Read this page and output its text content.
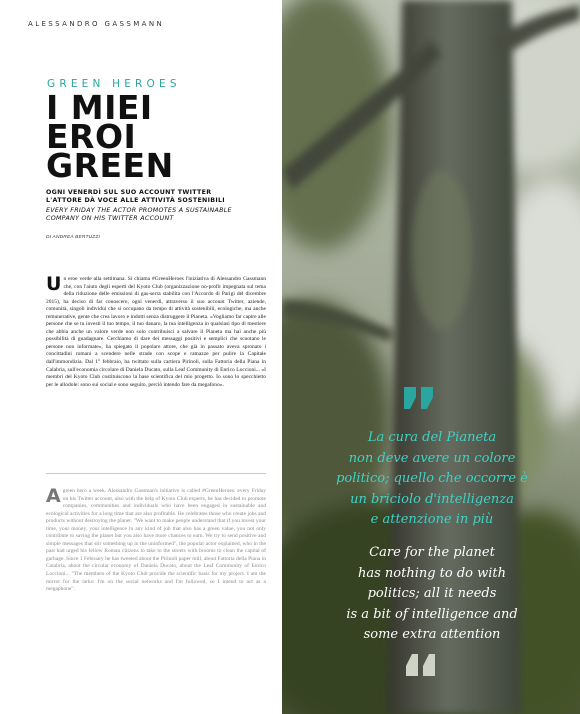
ALESSANDRO GASSMANN
GREEN HEROES
I MIEI
EROI
GREEN
OGNI VENERDÌ SUL SUO ACCOUNT TWITTER
L'ATTORE DÀ VOCE ALLE ATTIVITÀ SOSTENIBILI
EVERY FRIDAY THE ACTOR PROMOTES A SUSTAINABLE
COMPANY ON HIS TWITTER ACCOUNT
DI ANDREA BERTUZZI
Un eroe verde alla settimana. Si chiama #GreenHeroes l'iniziativa di Alessandro Gassmann che, con l'aiuto degli esperti del Kyoto Club (organizzazione no-profit impegnata sul tema della riduzione delle emissioni di gas-serra stabilita con l'Accordo di Parigi del dicembre 2015), ha deciso di far conoscere, ogni venerdì, attraverso il suo account Twitter, aziende, comunità, singoli individui che si occupano da tempo di attività sostenibili, ecologiche, ma anche remunerative, gente che crea lavoro e indotti senza distruggere il Pianeta. «Vogliamo far capire alle persone che se tu investi il tuo tempo, il tuo danaro, la tua intelligenza in qualsiasi tipo di mestiere che abbia anche un valore verde non solo contribuisci a salvare il Pianeta ma hai anche più possibilità di guadagnare. Cerchiamo di dare dei messaggi positivi e semplici che scuotano le persone non informate», ha spiegato il popolare attore, che già in passato aveva spronato i concittadini romani a scendere nelle strade con scope e ramazze per pulire la Capitale dall'immondizia. Dal 1° febbraio, ha twittato sulla cartiera Pirinoli, sulla Fattoria della Piana in Calabria, sull'economia circolare di Daniela Ducato, sulla Leaf Community di Enrico Loccioni... «I membri del Kyoto Club costituiscono la base scientifica del mio progetto. Io sono lo specchietto per le allodole: sono sui social e sono seguito, perciò intendo fare da megafono».
A green hero a week. Alessandro Gassman's initiative is called #GreenHeroes: every Friday on his Twitter account, also with the help of Kyoto Club experts, he has decided to promote companies, communities and individuals who have been engaged in sustainable and ecological activities for a long time that are also profitable. He celebrates those who create jobs and products without destroying the planet. "We want to make people understand that if you invest your time, your money, your intelligence in any kind of job that also has a green value, you not only contribute to saving the planet but you also have more chances to earn. We try to send positive and simple messages that stir something up in the uninformed", the popular actor explained, who in the past had urged his fellow Roman citizens to take to the streets with brooms to clean the capital of garbage. Since 1 February he has tweeted about the Pirinoli paper mill, about Fattoria della Piana in Calabria, about the circular economy of Daniela Ducato, about the Leaf Community of Enrico Loccioni... "The members of the Kyoto Club provide the scientific basis for my project. I am the mirror for the larks: I'm on the social networks and I'm followed, so I intend to act as a megaphone".
La cura del Pianeta
non deve avere un colore
politico; quello che occorre è
un briciolo d'intelligenza
e attenzione in più
Care for the planet
has nothing to do with
politics; all it needs
is a bit of intelligence and
some extra attention
